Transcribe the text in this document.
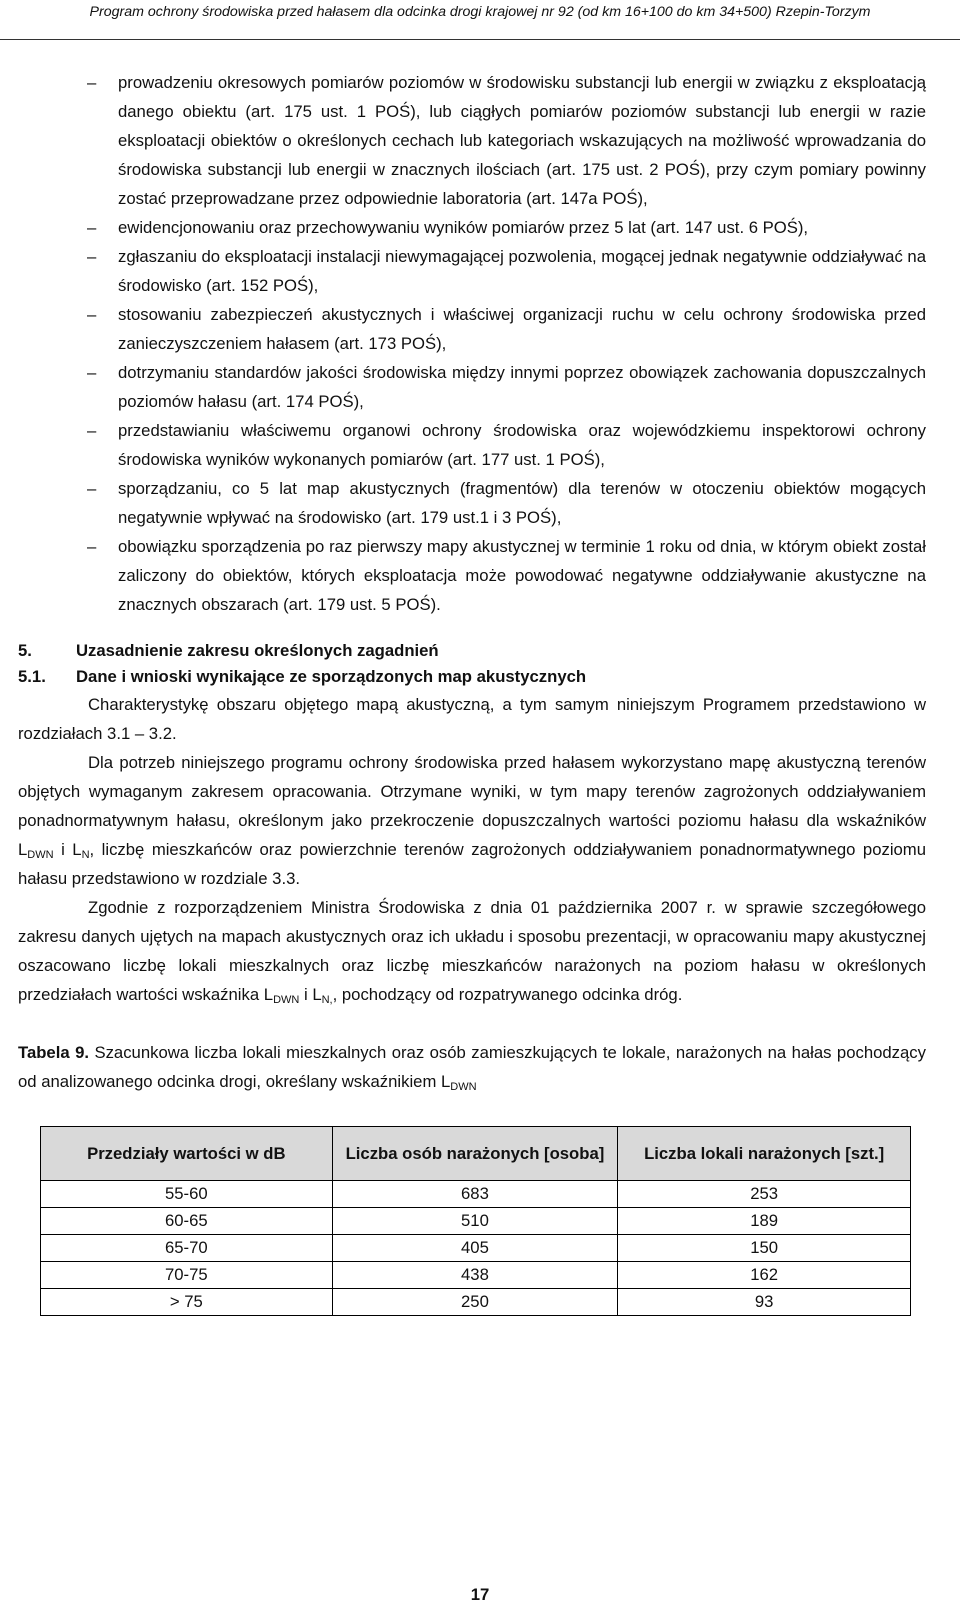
Program ochrony środowiska przed hałasem dla odcinka drogi krajowej nr 92 (od km 16+100 do km 34+500) Rzepin-Torzym
– prowadzeniu okresowych pomiarów poziomów w środowisku substancji lub energii w związku z eksploatacją danego obiektu (art. 175 ust. 1 POŚ), lub ciągłych pomiarów poziomów substancji lub energii w razie eksploatacji obiektów o określonych cechach lub kategoriach wskazujących na możliwość wprowadzania do środowiska substancji lub energii w znacznych ilościach (art. 175 ust. 2 POŚ), przy czym pomiary powinny zostać przeprowadzane przez odpowiednie laboratoria (art. 147a POŚ),
– ewidencjonowaniu oraz przechowywaniu wyników pomiarów przez 5 lat (art. 147 ust. 6 POŚ),
– zgłaszaniu do eksploatacji instalacji niewymagającej pozwolenia, mogącej jednak negatywnie oddziaływać na środowisko (art. 152 POŚ),
– stosowaniu zabezpieczeń akustycznych i właściwej organizacji ruchu w celu ochrony środowiska przed zanieczyszczeniem hałasem (art. 173 POŚ),
– dotrzymaniu standardów jakości środowiska między innymi poprzez obowiązek zachowania dopuszczalnych poziomów hałasu (art. 174 POŚ),
– przedstawianiu właściwemu organowi ochrony środowiska oraz wojewódzkiemu inspektorowi ochrony środowiska wyników wykonanych pomiarów (art. 177 ust. 1 POŚ),
– sporządzaniu, co 5 lat map akustycznych (fragmentów) dla terenów w otoczeniu obiektów mogących negatywnie wpływać na środowisko (art. 179 ust.1 i 3 POŚ),
– obowiązku sporządzenia po raz pierwszy mapy akustycznej w terminie 1 roku od dnia, w którym obiekt został zaliczony do obiektów, których eksploatacja może powodować negatywne oddziaływanie akustyczne na znacznych obszarach (art. 179 ust. 5 POŚ).
5.	Uzasadnienie zakresu określonych zagadnień
5.1.	Dane i wnioski wynikające ze sporządzonych map akustycznych

Charakterystykę obszaru objętego mapą akustyczną, a tym samym niniejszym Programem przedstawiono w rozdziałach 3.1 – 3.2.

Dla potrzeb niniejszego programu ochrony środowiska przed hałasem wykorzystano mapę akustyczną terenów objętych wymaganym zakresem opracowania. Otrzymane wyniki, w tym mapy terenów zagrożonych oddziaływaniem ponadnormatywnym hałasu, określonym jako przekroczenie dopuszczalnych wartości poziomu hałasu dla wskaźników $L_{DWN}$ i $L_N$, liczbę mieszkańców oraz powierzchnie terenów zagrożonych oddziaływaniem ponadnormatywnego poziomu hałasu przedstawiono w rozdziale 3.3.

Zgodnie z rozporządzeniem Ministra Środowiska z dnia 01 października 2007 r. w sprawie szczegółowego zakresu danych ujętych na mapach akustycznych oraz ich układu i sposobu prezentacji, w opracowaniu mapy akustycznej oszacowano liczbę lokali mieszkalnych oraz liczbę mieszkańców narażonych na poziom hałasu w określonych przedziałach wartości wskaźnika $L_{DWN}$ i $L_{N,}$, pochodzący od rozpatrywanego odcinka dróg.

Tabela 9. Szacunkowa liczba lokali mieszkalnych oraz osób zamieszkujących te lokale, narażonych na hałas pochodzący od analizowanego odcinka drogi, określany wskaźnikiem $L_{DWN}$
Przedziały wartości w dB	Liczba osób narażonych [osoba]	Liczba lokali narażonych [szt.]
55-60	683	253
60-65	510	189
65-70	405	150
70-75	438	162
> 75	250	93
17
